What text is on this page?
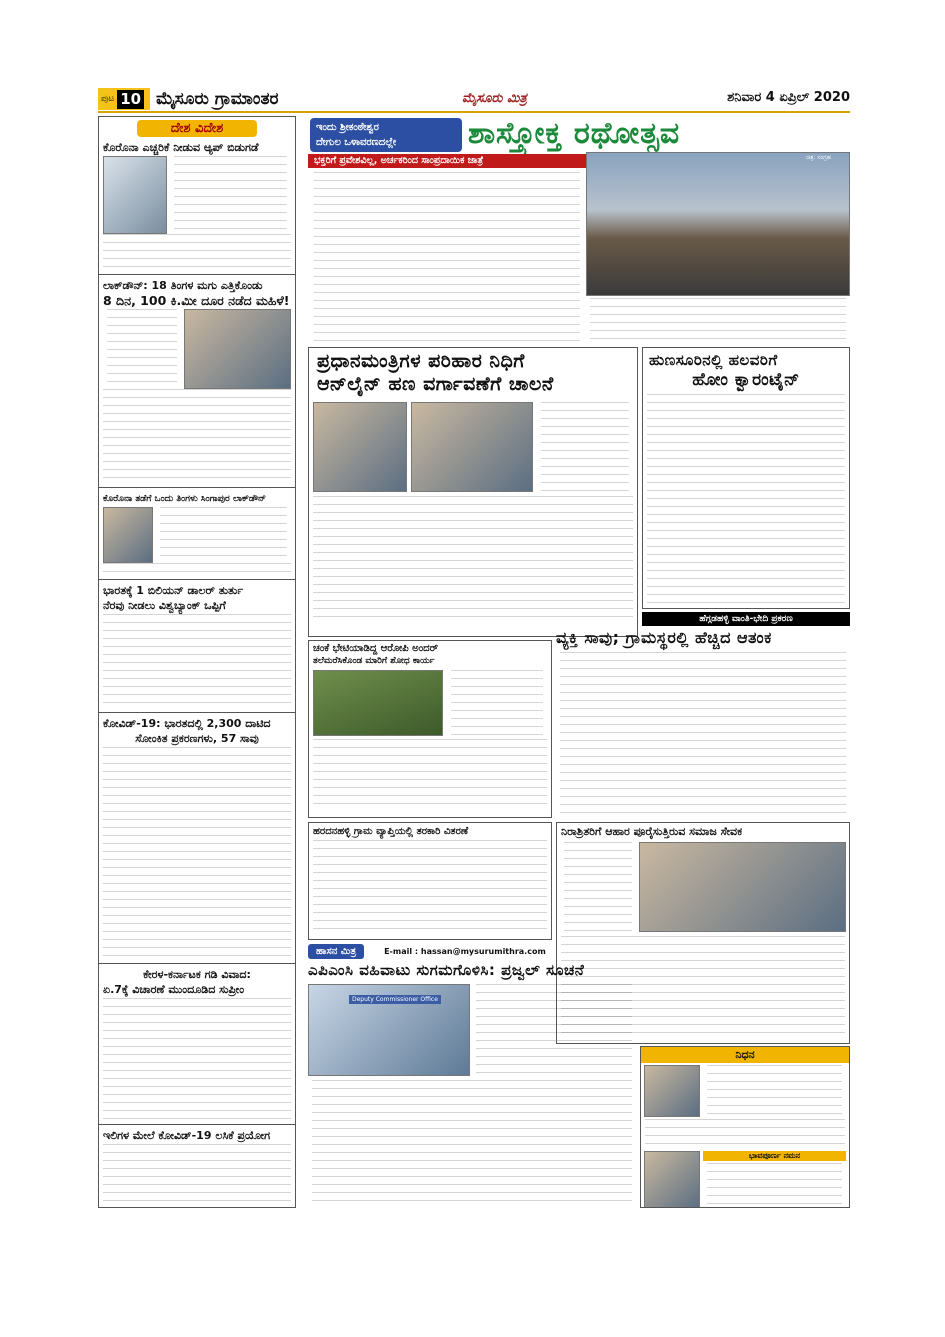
ಪುಟ 10 ಮೈಸೂರು ಗ್ರಾಮಾಂತರ	ಮೈಸೂರು ಮಿತ್ರ	ಶನಿವಾರ 4 ಏಪ್ರಿಲ್ 2020
ದೇಶ ವಿದೇಶ
ಕೊರೊನಾ ಎಚ್ಚರಿಕೆ ನೀಡುವ ಆ್ಯಪ್ ಬಿಡುಗಡೆ
ಲಾಕ್‌ಡೌನ್: 18 ತಿಂಗಳ ಮಗು ಎತ್ತಿಕೊಂಡು
8 ದಿನ, 100 ಕಿ.ಮೀ ದೂರ ನಡೆದ ಮಹಿಳೆ!
ಕೊರೊನಾ ತಡೆಗೆ ಒಂದು ತಿಂಗಳು ಸಿಂಗಾಪುರ ಲಾಕ್‌ಡೌನ್
ಭಾರತಕ್ಕೆ 1 ಬಿಲಿಯನ್ ಡಾಲರ್ ತುರ್ತು
ನೆರವು ನೀಡಲು ವಿಶ್ವಬ್ಯಾಂಕ್ ಒಪ್ಪಿಗೆ
ಕೋವಿಡ್-19: ಭಾರತದಲ್ಲಿ 2,300 ದಾಟಿದ
ಸೋಂಕಿತ ಪ್ರಕರಣಗಳು, 57 ಸಾವು
ಕೇರಳ-ಕರ್ನಾಟಕ ಗಡಿ ವಿವಾದ:
ಏ.7ಕ್ಕೆ ವಿಚಾರಣೆ ಮುಂದೂಡಿದ ಸುಪ್ರೀಂ
ಇಲಿಗಳ ಮೇಲೆ ಕೋವಿಡ್-19 ಲಸಿಕೆ ಪ್ರಯೋಗ
ಇಂದು ಶ್ರೀಕಂಠೇಶ್ವರ
ದೇಗುಲ ಒಳಾವರಣದಲ್ಲೇ	ಶಾಸ್ತ್ರೋಕ್ತ ರಥೋತ್ಸವ
ಭಕ್ತರಿಗೆ ಪ್ರವೇಶವಿಲ್ಲ, ಅರ್ಚಕರಿಂದ ಸಾಂಪ್ರದಾಯಿಕ ಜಾತ್ರೆ	ಚಿತ್ರ: ಸಂಗ್ರಹ
ಪ್ರಧಾನಮಂತ್ರಿಗಳ ಪರಿಹಾರ ನಿಧಿಗೆ
ಆನ್‌ಲೈನ್ ಹಣ ವರ್ಗಾವಣೆಗೆ ಚಾಲನೆ
ಹುಣಸೂರಿನಲ್ಲಿ ಹಲವರಿಗೆ
ಹೋಂ ಕ್ವಾರಂಟೈನ್
ಹೆಗ್ಗಡಹಳ್ಳಿ ವಾಂತಿ-ಭೇದಿ ಪ್ರಕರಣ
ವ್ಯಕ್ತಿ ಸಾವು; ಗ್ರಾಮಸ್ಥರಲ್ಲಿ ಹೆಚ್ಚಿದ ಆತಂಕ
ಚಂಕೆ ಭೇಟಿಯಾಡಿದ್ದ ಆರೋಪಿ ಅಂದರ್
ತಲೆಮರೆಸಿಕೊಂಡ ಮಾರಿಗೆ ಶೋಧ ಕಾರ್ಯ
ಹರದನಹಳ್ಳಿ ಗ್ರಾಮ ವ್ಯಾಪ್ತಿಯಲ್ಲಿ ತರಕಾರಿ ವಿತರಣೆ	ನಿರಾಶ್ರಿತರಿಗೆ ಆಹಾರ ಪೂರೈಸುತ್ತಿರುವ ಸಮಾಜ ಸೇವಕ
ಹಾಸನ ಮಿತ್ರ	E-mail : hassan@mysurumithra.com
ಎಪಿಎಂಸಿ ವಹಿವಾಟು ಸುಗಮಗೊಳಿಸಿ: ಪ್ರಜ್ವಲ್ ಸೂಚನೆ
Deputy Commissioner Office
ನಿಧನ
ಭಾವಪೂರ್ಣ ನಮನ
